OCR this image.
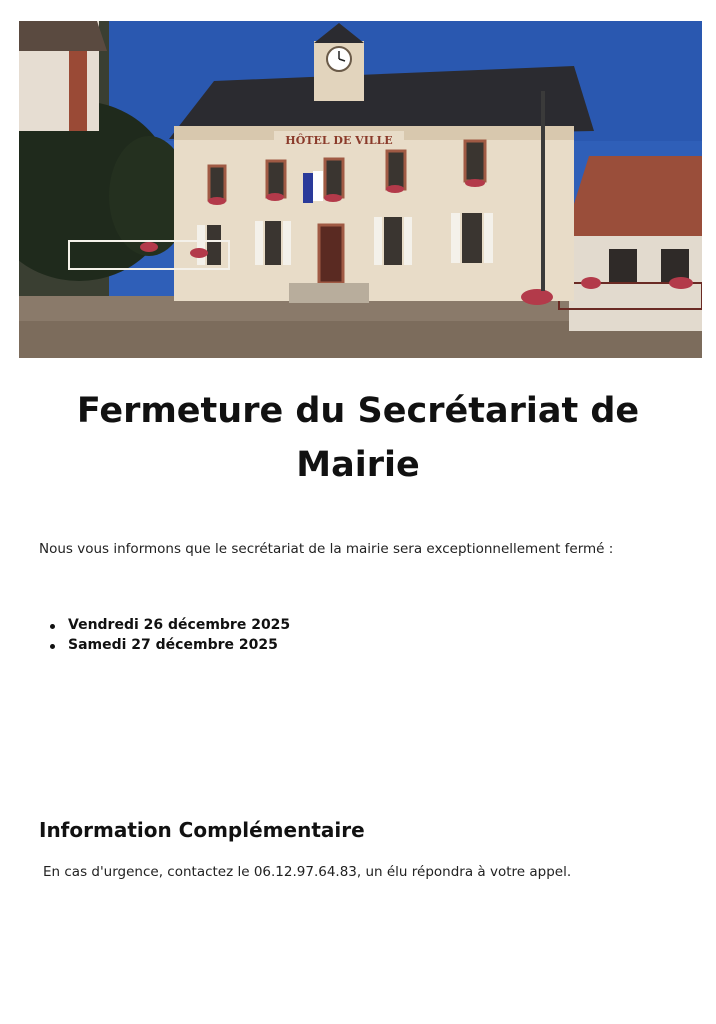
HÔTEL DE VILLE
Fermeture du Secrétariat de Mairie

Nous vous informons que le secrétariat de la mairie sera exceptionnellement fermé :

Vendredi 26 décembre 2025
Samedi 27 décembre 2025
Information Complémentaire

En cas d'urgence, contactez le 06.12.97.64.83, un élu répondra à votre appel.
